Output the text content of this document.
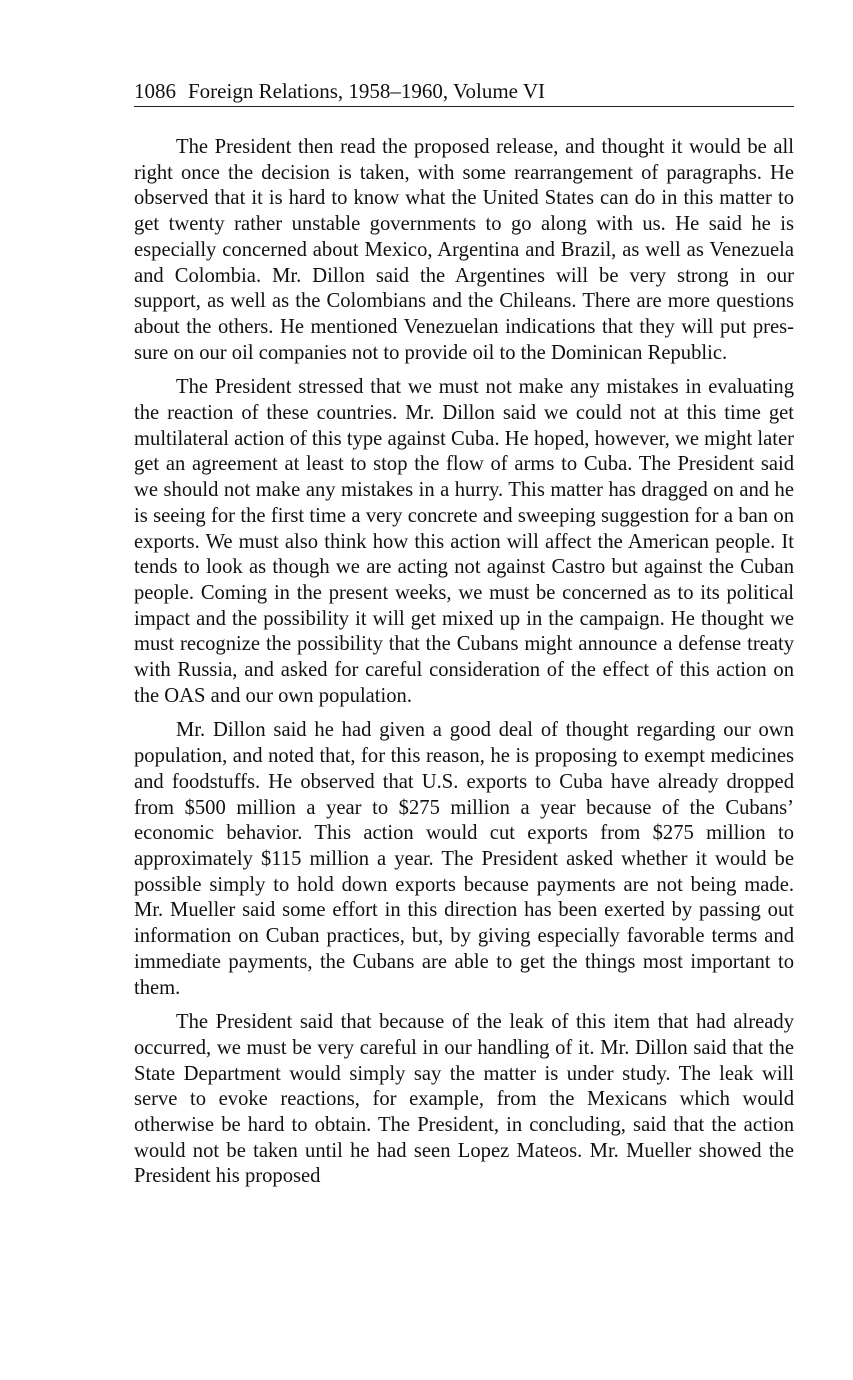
1086 Foreign Relations, 1958–1960, Volume VI

The President then read the proposed release, and thought it would be all right once the decision is taken, with some rearrangement of paragraphs. He observed that it is hard to know what the United States can do in this matter to get twenty rather unstable governments to go along with us. He said he is especially concerned about Mexico, Argentina and Brazil, as well as Venezuela and Colombia. Mr. Dillon said the Argentines will be very strong in our support, as well as the Colombians and the Chileans. There are more questions about the others. He mentioned Venezuelan indications that they will put pressure on our oil companies not to provide oil to the Dominican Republic.

The President stressed that we must not make any mistakes in evaluating the reaction of these countries. Mr. Dillon said we could not at this time get multilateral action of this type against Cuba. He hoped, however, we might later get an agreement at least to stop the flow of arms to Cuba. The President said we should not make any mistakes in a hurry. This matter has dragged on and he is seeing for the first time a very concrete and sweeping suggestion for a ban on exports. We must also think how this action will affect the American people. It tends to look as though we are acting not against Castro but against the Cuban people. Coming in the present weeks, we must be concerned as to its political impact and the possibility it will get mixed up in the campaign. He thought we must recognize the possibility that the Cubans might announce a defense treaty with Russia, and asked for careful consideration of the effect of this action on the OAS and our own population.

Mr. Dillon said he had given a good deal of thought regarding our own population, and noted that, for this reason, he is proposing to exempt medicines and foodstuffs. He observed that U.S. exports to Cuba have already dropped from $500 million a year to $275 million a year because of the Cubans’ economic behavior. This action would cut exports from $275 million to approximately $115 million a year. The President asked whether it would be possible simply to hold down exports because payments are not being made. Mr. Mueller said some effort in this direction has been exerted by passing out information on Cuban practices, but, by giving especially favorable terms and immediate payments, the Cubans are able to get the things most important to them.

The President said that because of the leak of this item that had already occurred, we must be very careful in our handling of it. Mr. Dillon said that the State Department would simply say the matter is under study. The leak will serve to evoke reactions, for example, from the Mexicans which would otherwise be hard to obtain. The President, in concluding, said that the action would not be taken until he had seen Lopez Mateos. Mr. Mueller showed the President his proposed
